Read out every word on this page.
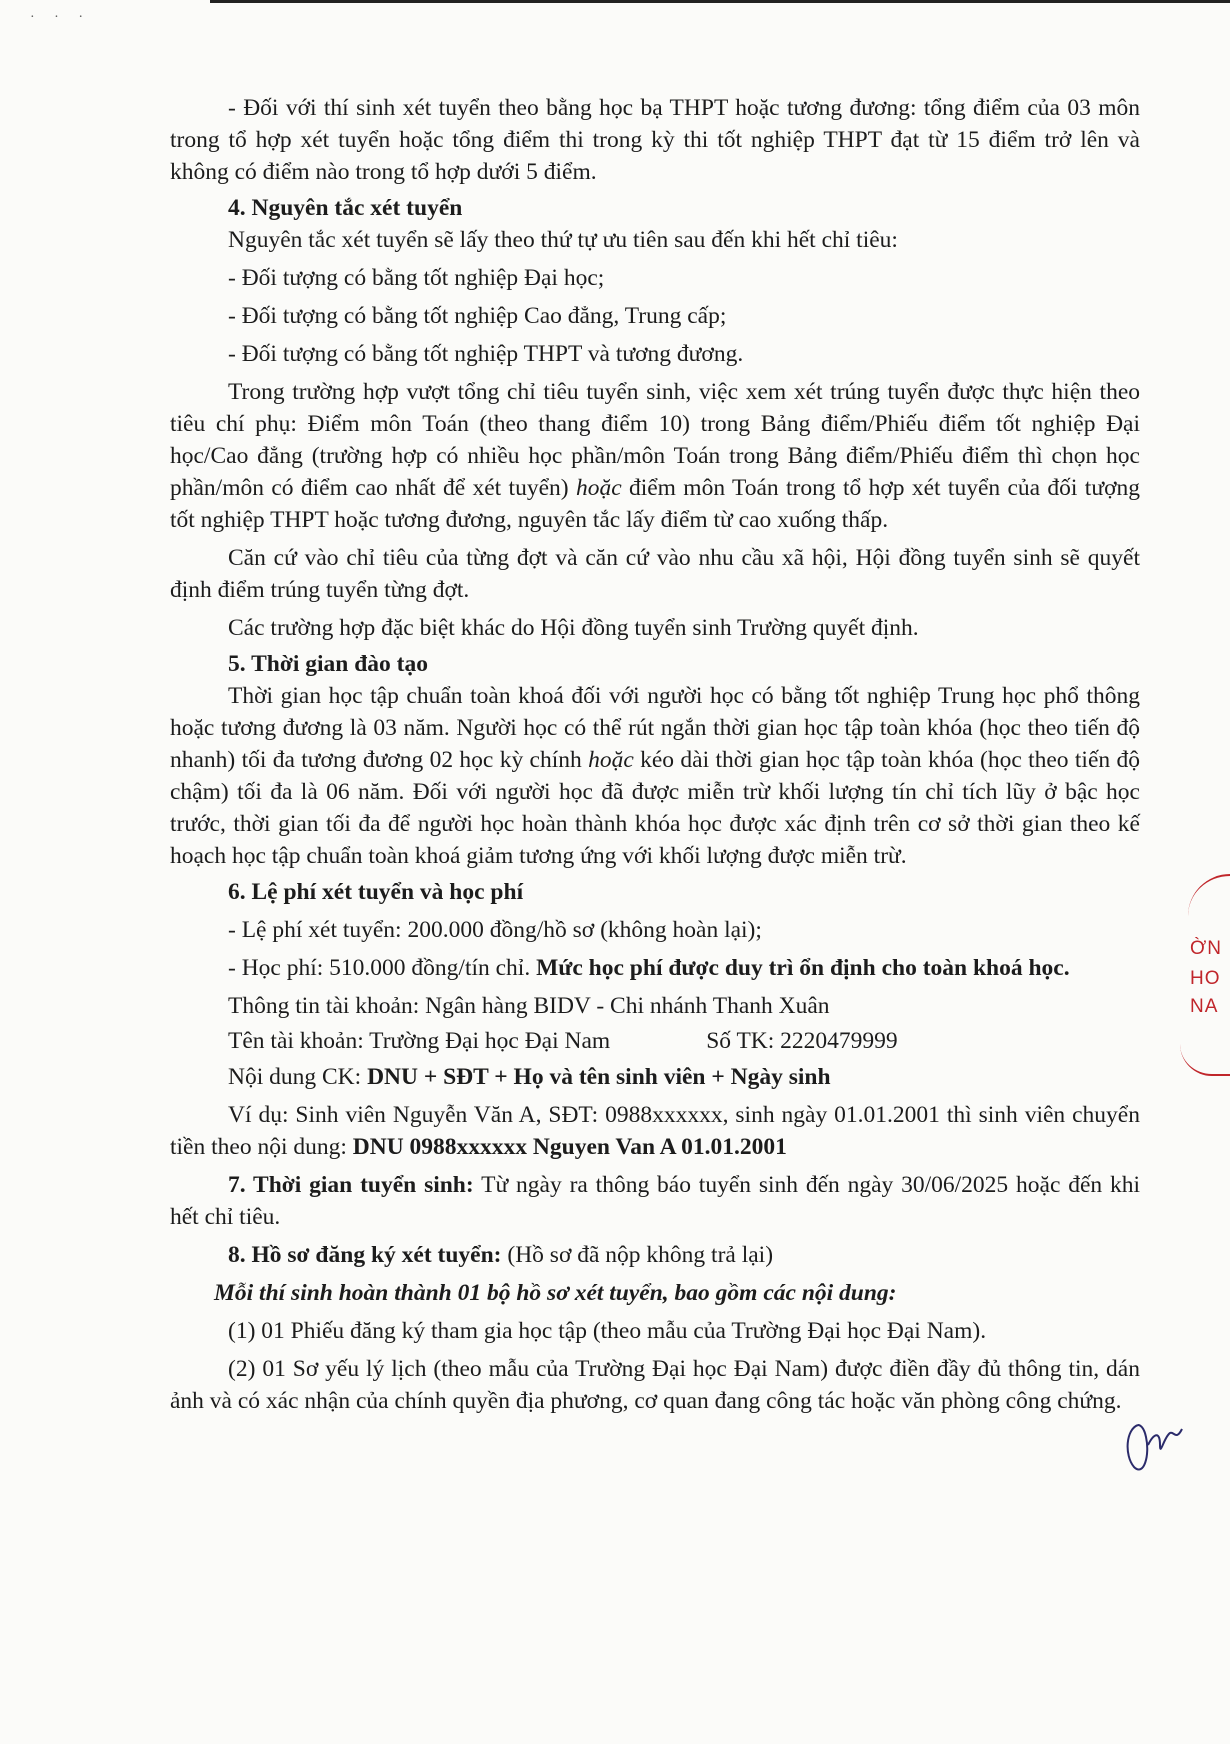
· · ·

- Đối với thí sinh xét tuyển theo bằng học bạ THPT hoặc tương đương: tổng điểm của 03 môn trong tổ hợp xét tuyển hoặc tổng điểm thi trong kỳ thi tốt nghiệp THPT đạt từ 15 điểm trở lên và không có điểm nào trong tổ hợp dưới 5 điểm.

4. Nguyên tắc xét tuyển

Nguyên tắc xét tuyển sẽ lấy theo thứ tự ưu tiên sau đến khi hết chỉ tiêu:

- Đối tượng có bằng tốt nghiệp Đại học;

- Đối tượng có bằng tốt nghiệp Cao đẳng, Trung cấp;

- Đối tượng có bằng tốt nghiệp THPT và tương đương.

Trong trường hợp vượt tổng chỉ tiêu tuyển sinh, việc xem xét trúng tuyển được thực hiện theo tiêu chí phụ: Điểm môn Toán (theo thang điểm 10) trong Bảng điểm/Phiếu điểm tốt nghiệp Đại học/Cao đẳng (trường hợp có nhiều học phần/môn Toán trong Bảng điểm/Phiếu điểm thì chọn học phần/môn có điểm cao nhất để xét tuyển) hoặc điểm môn Toán trong tổ hợp xét tuyển của đối tượng tốt nghiệp THPT hoặc tương đương, nguyên tắc lấy điểm từ cao xuống thấp.

Căn cứ vào chỉ tiêu của từng đợt và căn cứ vào nhu cầu xã hội, Hội đồng tuyển sinh sẽ quyết định điểm trúng tuyển từng đợt.

Các trường hợp đặc biệt khác do Hội đồng tuyển sinh Trường quyết định.

5. Thời gian đào tạo

Thời gian học tập chuẩn toàn khoá đối với người học có bằng tốt nghiệp Trung học phổ thông hoặc tương đương là 03 năm. Người học có thể rút ngắn thời gian học tập toàn khóa (học theo tiến độ nhanh) tối đa tương đương 02 học kỳ chính hoặc kéo dài thời gian học tập toàn khóa (học theo tiến độ chậm) tối đa là 06 năm. Đối với người học đã được miễn trừ khối lượng tín chỉ tích lũy ở bậc học trước, thời gian tối đa để người học hoàn thành khóa học được xác định trên cơ sở thời gian theo kế hoạch học tập chuẩn toàn khoá giảm tương ứng với khối lượng được miễn trừ.

6. Lệ phí xét tuyển và học phí

- Lệ phí xét tuyển: 200.000 đồng/hồ sơ (không hoàn lại);

- Học phí: 510.000 đồng/tín chỉ. Mức học phí được duy trì ổn định cho toàn khoá học.

Thông tin tài khoản: Ngân hàng BIDV - Chi nhánh Thanh Xuân

Tên tài khoản: Trường Đại học Đại Nam	Số TK: 2220479999

Nội dung CK: DNU + SĐT + Họ và tên sinh viên + Ngày sinh

Ví dụ: Sinh viên Nguyễn Văn A, SĐT: 0988xxxxxx, sinh ngày 01.01.2001 thì sinh viên chuyển tiền theo nội dung: DNU 0988xxxxxx Nguyen Van A 01.01.2001

7. Thời gian tuyển sinh: Từ ngày ra thông báo tuyển sinh đến ngày 30/06/2025 hoặc đến khi hết chỉ tiêu.

8. Hồ sơ đăng ký xét tuyển: (Hồ sơ đã nộp không trả lại)

Mỗi thí sinh hoàn thành 01 bộ hồ sơ xét tuyển, bao gồm các nội dung:

(1) 01 Phiếu đăng ký tham gia học tập (theo mẫu của Trường Đại học Đại Nam).

(2) 01 Sơ yếu lý lịch (theo mẫu của Trường Đại học Đại Nam) được điền đầy đủ thông tin, dán ảnh và có xác nhận của chính quyền địa phương, cơ quan đang công tác hoặc văn phòng công chứng.

ỜN
HO
NA
